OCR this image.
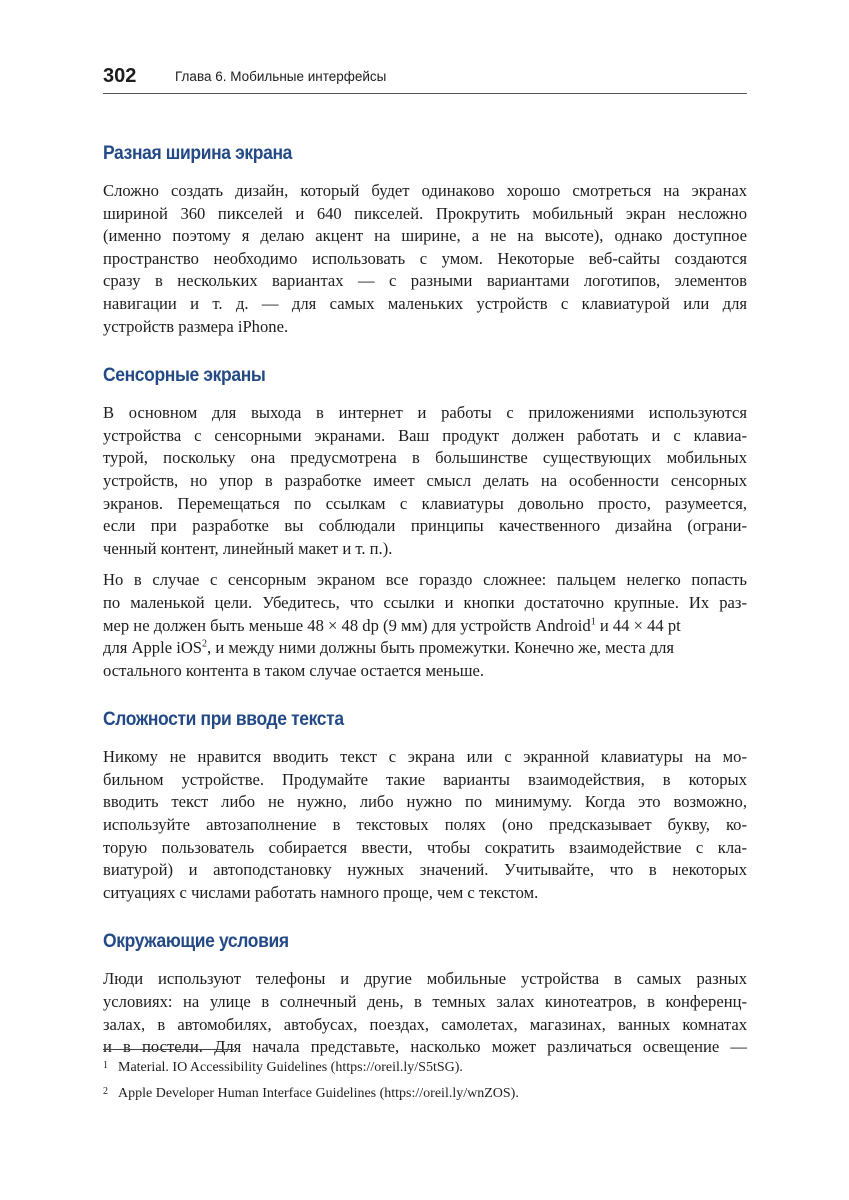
302	Глава 6. Мобильные интерфейсы
Разная ширина экрана
Сложно создать дизайн, который будет одинаково хорошо смотреться на экранах
шириной 360 пикселей и 640 пикселей. Прокрутить мобильный экран несложно
(именно поэтому я делаю акцент на ширине, а не на высоте), однако доступное
пространство необходимо использовать с умом. Некоторые веб-сайты создаются
сразу в нескольких вариантах — с разными вариантами логотипов, элементов
навигации и т. д. — для самых маленьких устройств с клавиатурой или для
устройств размера iPhone.
Сенсорные экраны
В основном для выхода в интернет и работы с приложениями используются
устройства с сенсорными экранами. Ваш продукт должен работать и с клавиа-
турой, поскольку она предусмотрена в большинстве существующих мобильных
устройств, но упор в разработке имеет смысл делать на особенности сенсорных
экранов. Перемещаться по ссылкам с клавиатуры довольно просто, разумеется,
если при разработке вы соблюдали принципы качественного дизайна (ограни-
ченный контент, линейный макет и т. п.).
Но в случае с сенсорным экраном все гораздо сложнее: пальцем нелегко попасть
по маленькой цели. Убедитесь, что ссылки и кнопки достаточно крупные. Их раз-
мер не должен быть меньше 48 × 48 dp (9 мм) для устройств Android$^1$ и 44 × 44 pt
для Apple iOS$^2$, и между ними должны быть промежутки. Конечно же, места для
остального контента в таком случае остается меньше.
Сложности при вводе текста
Никому не нравится вводить текст с экрана или с экранной клавиатуры на мо-
бильном устройстве. Продумайте такие варианты взаимодействия, в которых
вводить текст либо не нужно, либо нужно по минимуму. Когда это возможно,
используйте автозаполнение в текстовых полях (оно предсказывает букву, ко-
торую пользователь собирается ввести, чтобы сократить взаимодействие с кла-
виатурой) и автоподстановку нужных значений. Учитывайте, что в некоторых
ситуациях с числами работать намного проще, чем с текстом.
Окружающие условия
Люди используют телефоны и другие мобильные устройства в самых разных
условиях: на улице в солнечный день, в темных залах кинотеатров, в конференц-
залах, в автомобилях, автобусах, поездах, самолетах, магазинах, ванных комнатах
и в постели. Для начала представьте, насколько может различаться освещение —
1 Material. IO Accessibility Guidelines (https://oreil.ly/S5tSG).
2 Apple Developer Human Interface Guidelines (https://oreil.ly/wnZOS).
